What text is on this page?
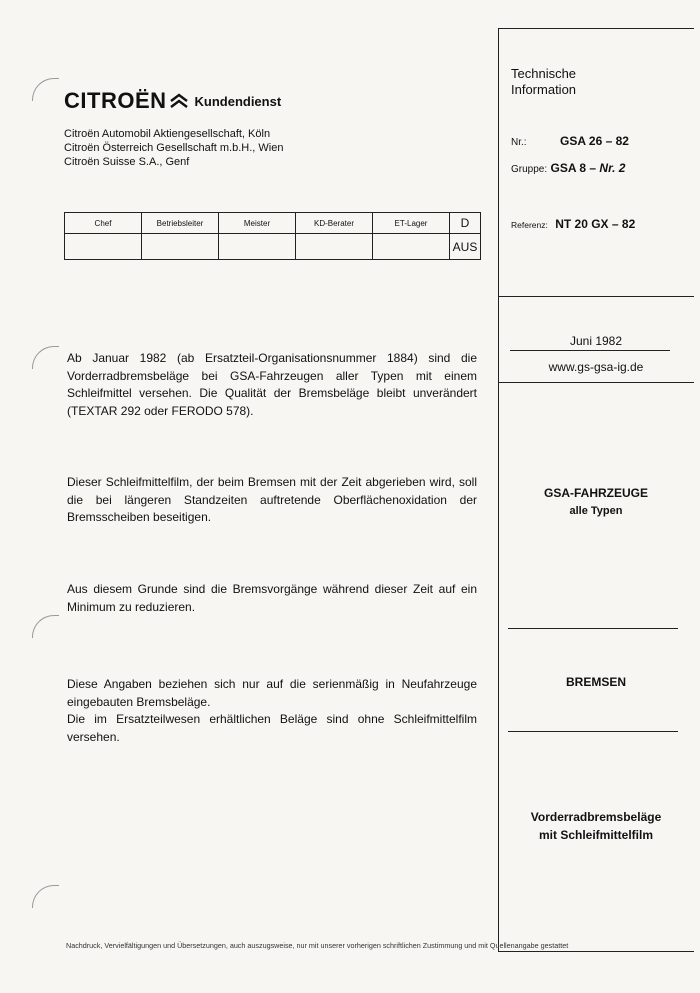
CITROËN Kundendienst
Citroën Automobil Aktiengesellschaft, Köln
Citroën Österreich Gesellschaft m.b.H., Wien
Citroën Suisse S.A., Genf
Chef	Betriebsleiter	Meister	KD-Berater	ET-Lager	D
					AUS
Technische
Information
Nr.:	GSA 26 – 82
Gruppe: GSA 8 – Nr. 2
Referenz: NT 20 GX – 82
Juni 1982
www.gs-gsa-ig.de
GSA-FAHRZEUGE
alle Typen
BREMSEN
Vorderradbremsbeläge
mit Schleifmittelfilm
Ab Januar 1982 (ab Ersatzteil-Organisationsnummer 1884) sind die Vorderradbremsbeläge bei GSA-Fahrzeugen aller Typen mit einem Schleifmittel versehen. Die Qualität der Bremsbeläge bleibt unverändert (TEXTAR 292 oder FERODO 578).
Dieser Schleifmittelfilm, der beim Bremsen mit der Zeit abgerieben wird, soll die bei längeren Standzeiten auftretende Oberflächenoxidation der Bremsscheiben beseitigen.
Aus diesem Grunde sind die Bremsvorgänge während dieser Zeit auf ein Minimum zu reduzieren.
Diese Angaben beziehen sich nur auf die serienmäßig in Neufahrzeuge eingebauten Bremsbeläge.
Die im Ersatzteilwesen erhältlichen Beläge sind ohne Schleifmittelfilm versehen.
Nachdruck, Vervielfältigungen und Übersetzungen, auch auszugsweise, nur mit unserer vorherigen schriftlichen Zustimmung und mit Quellenangabe gestattet
